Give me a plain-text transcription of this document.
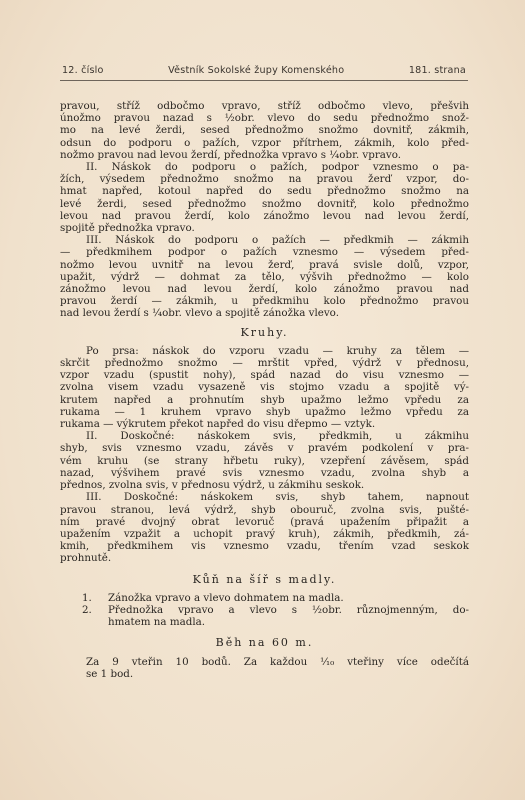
12. číslo	Věstník Sokolské župy Komenského	181. strana
pravou, stříž odbočmo vpravo, stříž odbočmo vlevo, přešvih
únožmo pravou nazad s ½obr. vlevo do sedu přednožmo snož-
mo na levé žerdi, sesed přednožmo snožmo dovnitř, zákmih,
odsun do podporu o pažích, vzpor přítrhem, zákmih, kolo před-
nožmo pravou nad levou žerdí, přednožka vpravo s ¼obr. vpravo.
II. Náskok do podporu o pažích, podpor vznesmo o pa-
žích, výsedem přednožmo snožmo na pravou žerď vzpor, do-
hmat napřed, kotoul napřed do sedu přednožmo snožmo na
levé žerdi, sesed přednožmo snožmo dovnitř, kolo přednožmo
levou nad pravou žerdí, kolo zánožmo levou nad levou žerdí,
spojitě přednožka vpravo.
III. Náskok do podporu o pažích — předkmih — zákmih
— předkmihem podpor o pažích vznesmo — výsedem před-
nožmo levou uvnitř na levou žerď, pravá svisle dolů, vzpor,
upažit, výdrž — dohmat za tělo, výšvih přednožmo — kolo
zánožmo levou nad levou žerdí, kolo zánožmo pravou nad
pravou žerdí — zákmih, u předkmihu kolo přednožmo pravou
nad levou žerdí s ¼obr. vlevo a spojitě zánožka vlevo.
Kruhy.
Po prsa: náskok do vzporu vzadu — kruhy za tělem —
skrčit přednožmo snožmo — mrštit vpřed, výdrž v přednosu,
vzpor vzadu (spustit nohy), spád nazad do visu vznesmo —
zvolna visem vzadu vysazeně vis stojmo vzadu a spojitě vý-
krutem napřed a prohnutím shyb upažmo ležmo vpředu za
rukama — 1 kruhem vpravo shyb upažmo ležmo vpředu za
rukama — výkrutem překot napřed do visu dřepmo — vztyk.
II. Doskočné: náskokem svis, předkmih, u zákmihu
shyb, svis vznesmo vzadu, závěs v pravém podkolení v pra-
vém kruhu (se strany hřbetu ruky), vzepření závěsem, spád
nazad, výšvihem pravé svis vznesmo vzadu, zvolna shyb a
přednos, zvolna svis, v přednosu výdrž, u zákmihu seskok.
III. Doskočné: náskokem svis, shyb tahem, napnout
pravou stranou, levá výdrž, shyb obouruč, zvolna svis, pušté-
ním pravé dvojný obrat levoruč (pravá upažením připažit a
upažením vzpažit a uchopit pravý kruh), zákmih, předkmih, zá-
kmih, předkmihem vis vznesmo vzadu, třením vzad seskok
prohnutě.
Kůň na šíř s madly.
1.	Zánožka vpravo a vlevo dohmatem na madla.
2.	Přednožka vpravo a vlevo s ½obr. různojmenným, do-
hmatem na madla.
Běh na 60 m.
Za 9 vteřin 10 bodů. Za každou ¹⁄₁₀ vteřiny více odečítá
se 1 bod.
